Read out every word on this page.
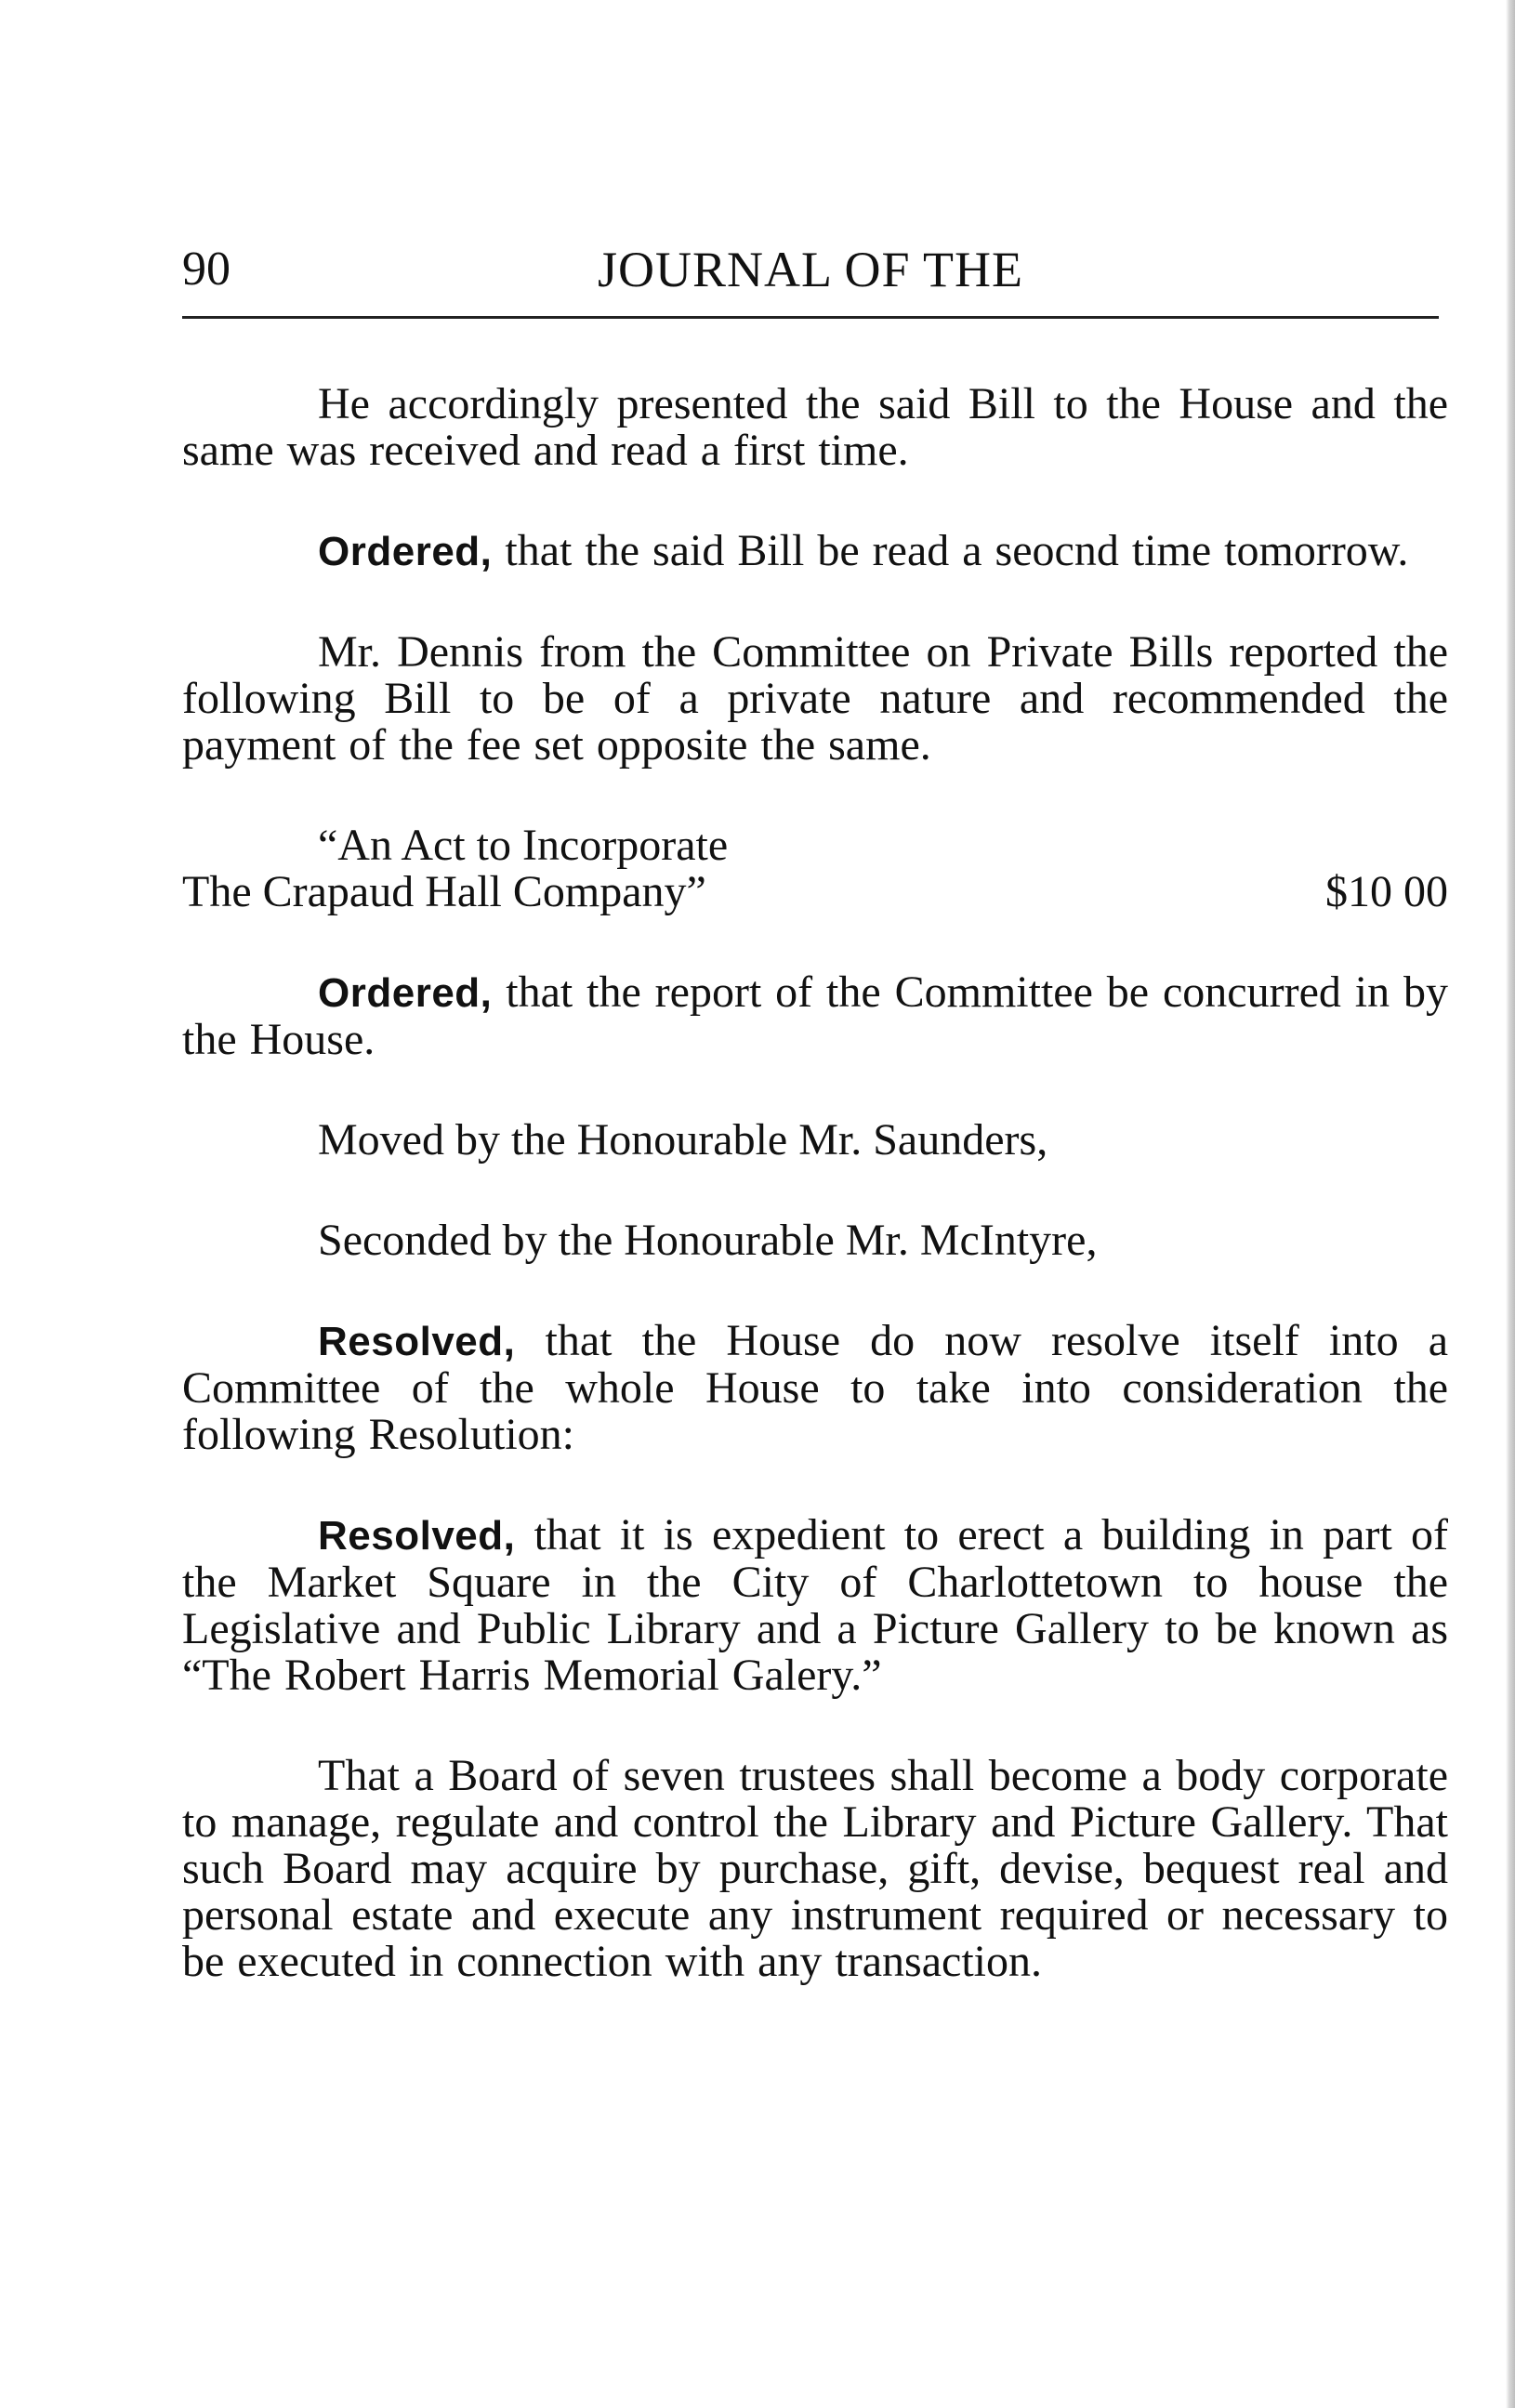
90	JOURNAL OF THE

He accordingly presented the said Bill to the House and the same was received and read a first time.

Ordered, that the said Bill be read a seocnd time tomorrow.

Mr. Dennis from the Committee on Private Bills reported the following Bill to be of a private nature and recommended the payment of the fee set opposite the same.

“An Act to Incorporate
The Crapaud Hall Company”	$10 00

Ordered, that the report of the Committee be concurred in by the House.

Moved by the Honourable Mr. Saunders,
Seconded by the Honourable Mr. McIntyre,

Resolved, that the House do now resolve itself into a Committee of the whole House to take into consideration the following Resolution:

Resolved, that it is expedient to erect a building in part of the Market Square in the City of Charlottetown to house the Legislative and Public Library and a Picture Gallery to be known as “The Robert Harris Memorial Galery.”

That a Board of seven trustees shall become a body corporate to manage, regulate and control the Library and Picture Gallery. That such Board may acquire by purchase, gift, devise, bequest real and personal estate and execute any instrument required or necessary to be executed in connection with any transaction.
